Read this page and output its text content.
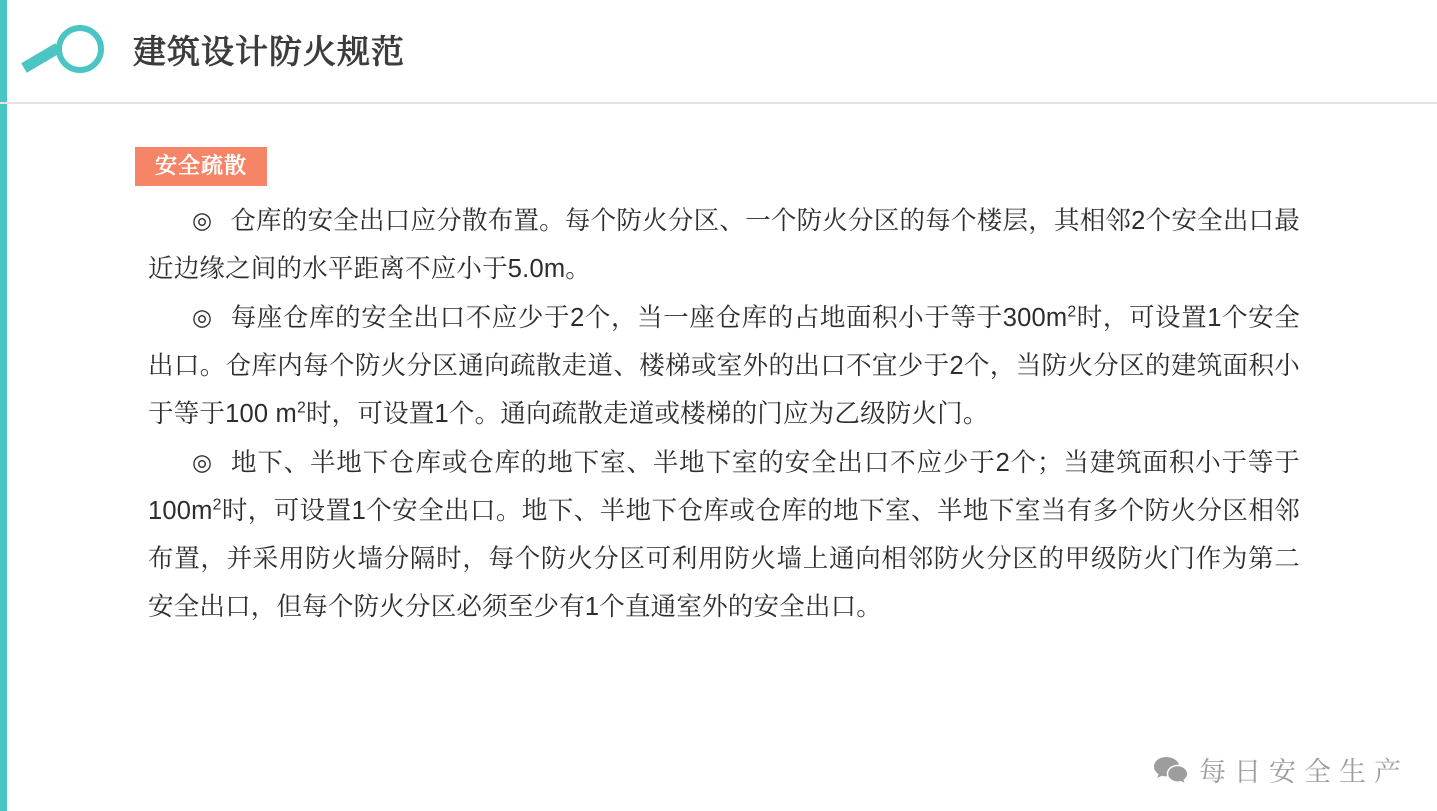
建筑设计防火规范
安全疏散

◎ 仓库的安全出口应分散布置。每个防火分区、一个防火分区的每个楼层，其相邻2个安全出口最近边缘之间的水平距离不应小于5.0m。

◎ 每座仓库的安全出口不应少于2个，当一座仓库的占地面积小于等于$300m^2$时，可设置1个安全出口。仓库内每个防火分区通向疏散走道、楼梯或室外的出口不宜少于2个，当防火分区的建筑面积小于等于100 $m^2$时，可设置1个。通向疏散走道或楼梯的门应为乙级防火门。

◎ 地下、半地下仓库或仓库的地下室、半地下室的安全出口不应少于2个；当建筑面积小于等于$100m^2$时，可设置1个安全出口。地下、半地下仓库或仓库的地下室、半地下室当有多个防火分区相邻布置，并采用防火墙分隔时，每个防火分区可利用防火墙上通向相邻防火分区的甲级防火门作为第二安全出口，但每个防火分区必须至少有1个直通室外的安全出口。

每日安全生产
